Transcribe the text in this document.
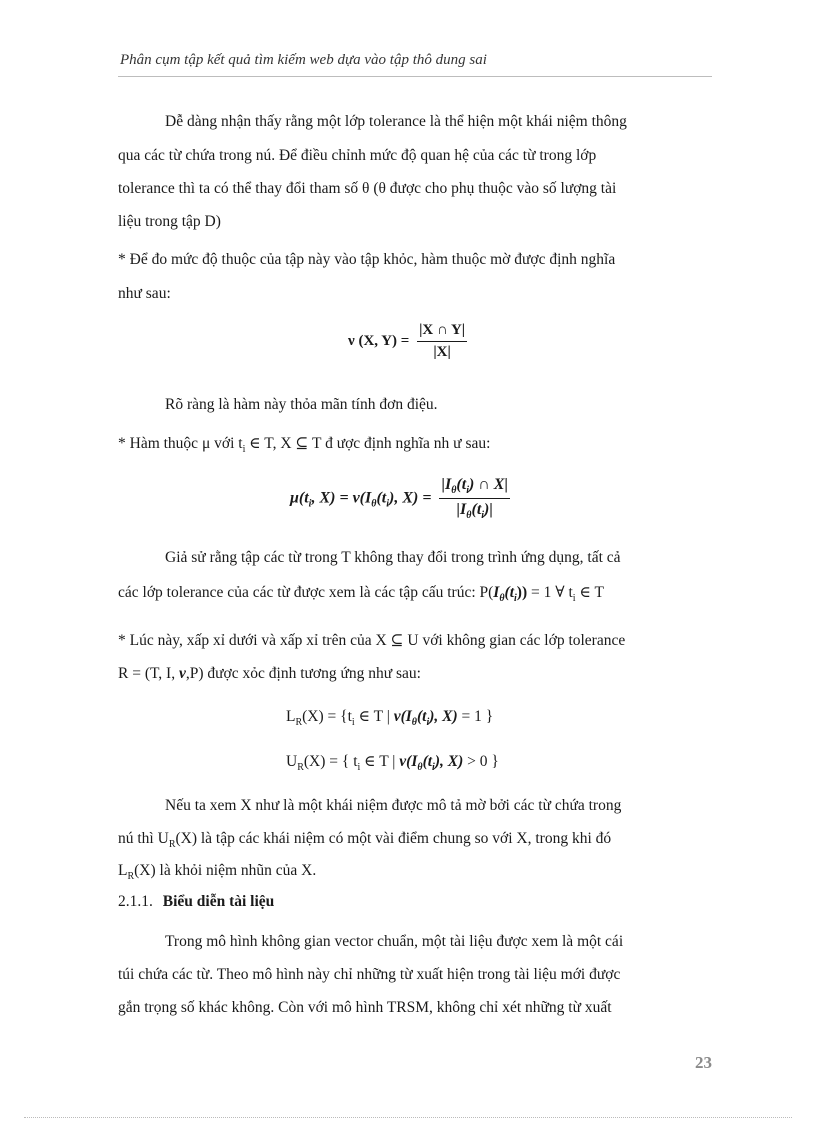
Phân cụm tập kết quả tìm kiếm web dựa vào tập thô dung sai
Dễ dàng nhận thấy rằng một lớp tolerance là thể hiện một khái niệm thông
qua các từ chứa trong nú. Để điều chỉnh mức độ quan hệ của các từ trong lớp
tolerance thì ta có thể thay đổi tham số θ (θ được cho phụ thuộc vào số lượng tài
liệu trong tập D)
* Để đo mức độ thuộc của tập này vào tập khỏc, hàm thuộc mờ được định nghĩa
như sau:
ν (X, $Y) = \frac{|X \cap Y|}{|X|}$
Rõ ràng là hàm này thỏa mãn tính đơn điệu.
* Hàm thuộc μ với $t_i$ ∈ T, X ⊆ T đ ược định nghĩa nh ư sau:
$\mu(t_i$, $X) = \nu(I_\theta(t_i)$, $X) = \frac{|I_\theta(t_i) \cap X|}{|I_\theta(t_i)|}$
Giả sử rằng tập các từ trong T không thay đổi trong trình ứng dụng, tất cả
các lớp tolerance của các từ được xem là các tập cấu trúc: $P(I_\theta(t_i)) = 1$ ∀ $t_i$ ∈ T
* Lúc này, xấp xỉ dưới và xấp xỉ trên của X ⊆ U với không gian các lớp tolerance
R = (T, I, ν,P) được xỏc định tương ứng như sau:
$L_R(X) = \{t_i$ ∈ T | $\nu(I_\theta(t_i)$, X) = 1 }
$U_R(X)$ = { $t_i$ ∈ T | $\nu(I_\theta(t_i)$, X) > 0 }
Nếu ta xem X như là một khái niệm được mô tả mờ bởi các từ chứa trong
nú thì $U_R(X)$ là tập các khái niệm có một vài điểm chung so với X, trong khi đó
$L_R(X)$ là khỏi niệm nhũn của X.
2.1.1. Biểu diễn tài liệu
Trong mô hình không gian vector chuẩn, một tài liệu được xem là một cái
túi chứa các từ. Theo mô hình này chỉ những từ xuất hiện trong tài liệu mới được
gắn trọng số khác không. Còn với mô hình TRSM, không chỉ xét những từ xuất
23
